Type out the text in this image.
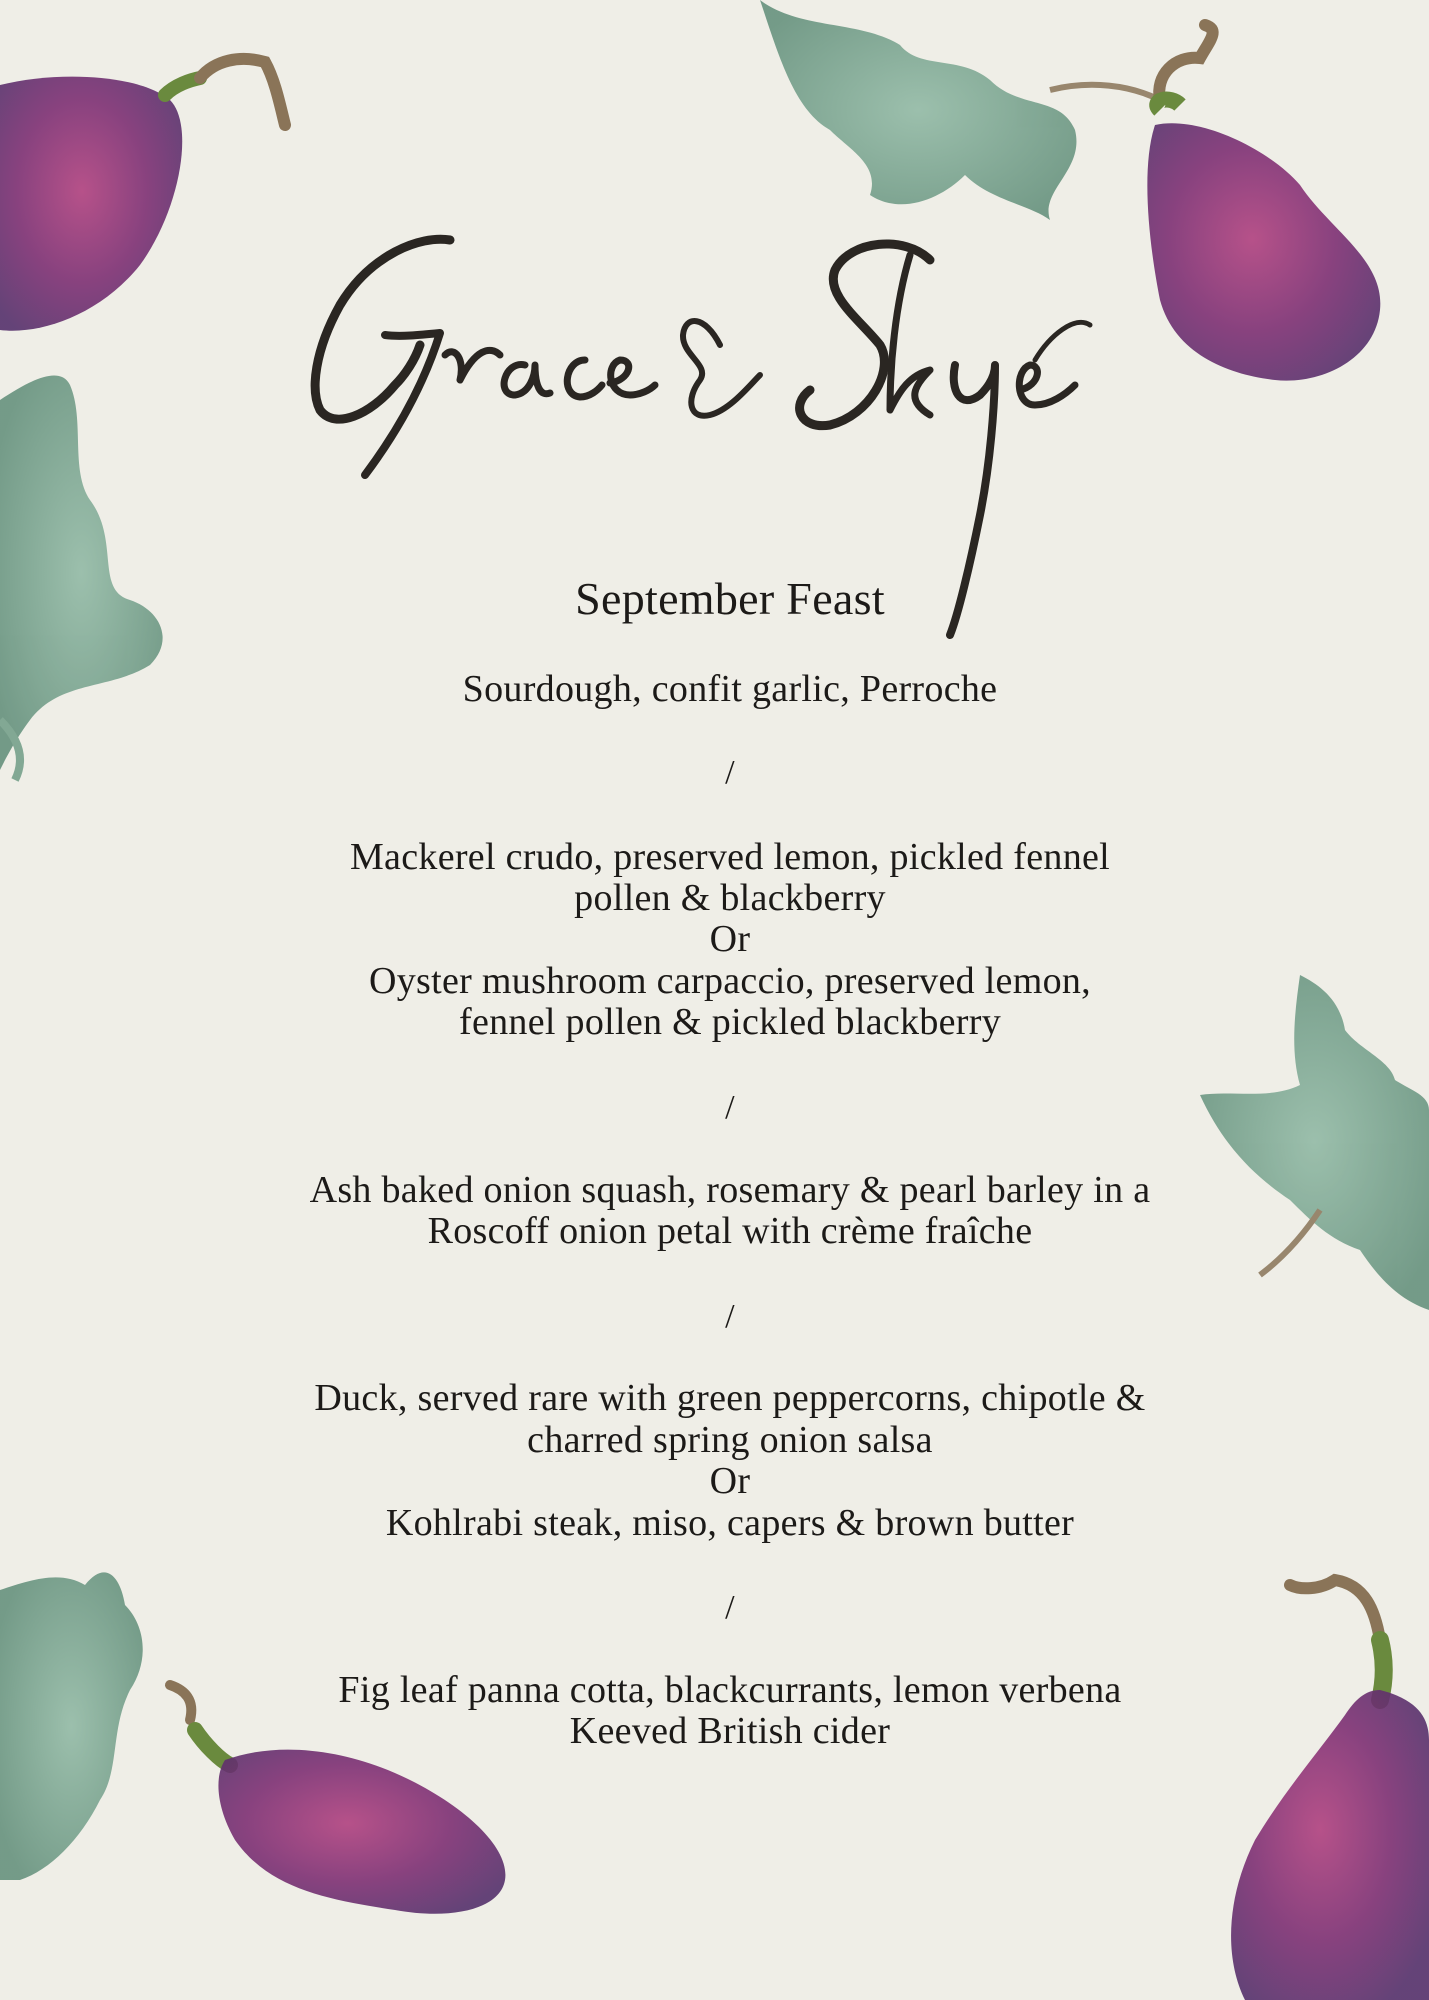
September Feast
Sourdough, confit garlic, Perroche
/
Mackerel crudo, preserved lemon, pickled fennel
pollen & blackberry
Or
Oyster mushroom carpaccio, preserved lemon,
fennel pollen & pickled blackberry
/
Ash baked onion squash, rosemary & pearl barley in a
Roscoff onion petal with crème fraîche
/
Duck, served rare with green peppercorns, chipotle &
charred spring onion salsa
Or
Kohlrabi steak, miso, capers & brown butter
/
Fig leaf panna cotta, blackcurrants, lemon verbena
Keeved British cider
